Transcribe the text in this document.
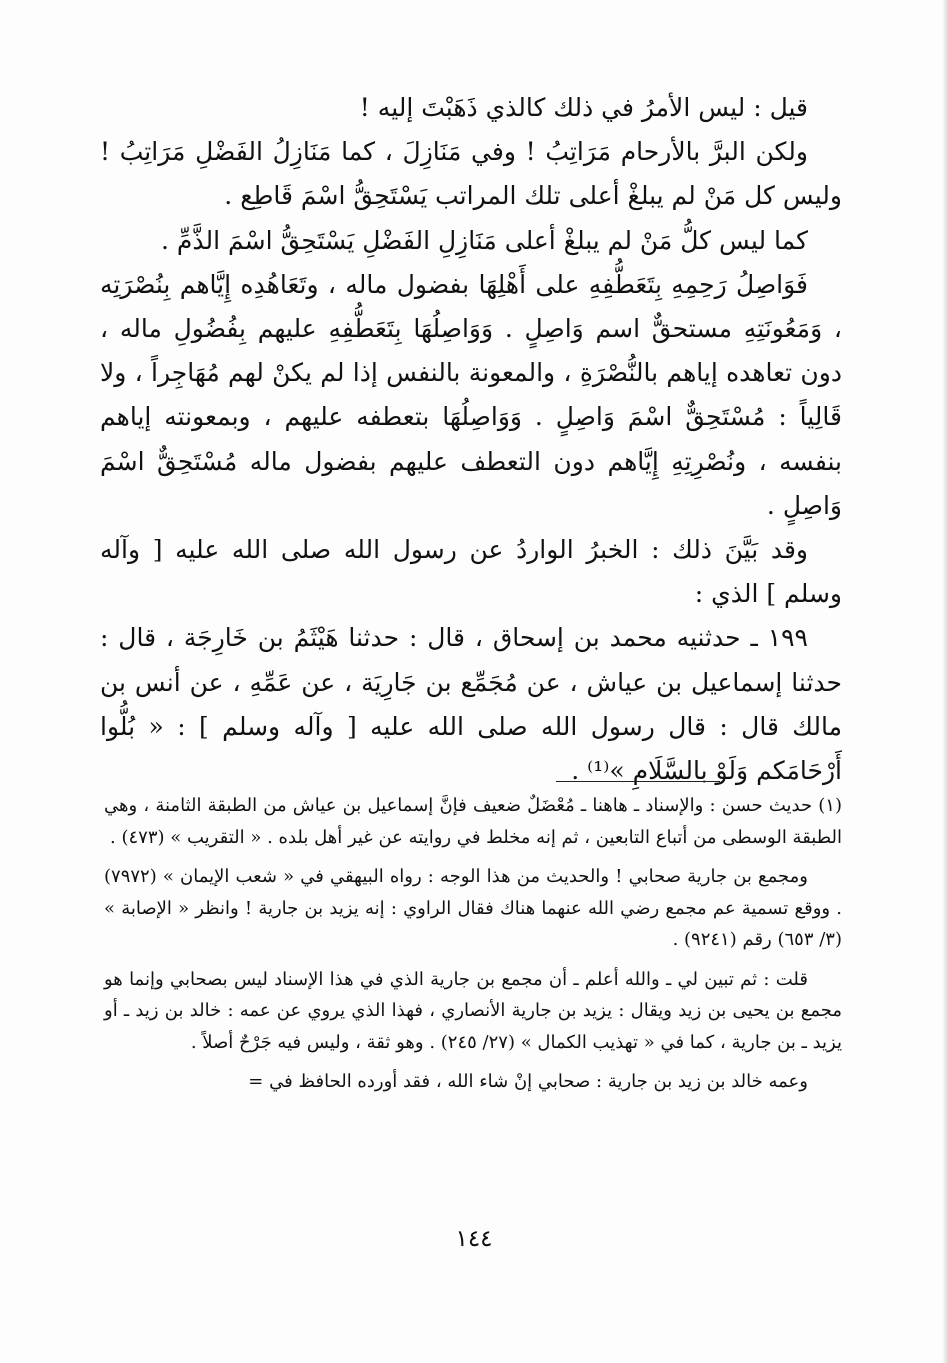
قيل : ليس الأمرُ في ذلك كالذي ذَهَبْتَ إليه !

ولكن البرَّ بالأرحام مَرَاتِبُ ! وفي مَنَازِلَ ، كما مَنَازِلُ الفَضْلِ مَرَاتِبُ ! وليس كل مَنْ لم يبلغْ أعلى تلك المراتب يَسْتَحِقُّ اسْمَ قَاطِع .

كما ليس كلُّ مَنْ لم يبلغْ أعلى مَنَازِلِ الفَضْلِ يَسْتَحِقُّ اسْمَ الذَّمِّ .

فَوَاصِلُ رَحِمِهِ بِتَعَطُّفِهِ على أَهْلِهَا بفضول ماله ، وتَعَاهُدِه إِيَّاهم بِنُصْرَتِه ، وَمَعُونَتِهِ مستحقٌّ اسم وَاصِلٍ . وَوَاصِلُهَا بِتَعَطُّفِهِ عليهم بِفُضُولِ ماله ، دون تعاهده إياهم بالنُّصْرَةِ ، والمعونة بالنفس إذا لم يكنْ لهم مُهَاجِراً ، ولا قَالِياً : مُسْتَحِقٌّ اسْمَ وَاصِلٍ . وَوَاصِلُهَا بتعطفه عليهم ، وبمعونته إياهم بنفسه ، ونُصْرِتِهِ إِيَّاهم دون التعطف عليهم بفضول ماله مُسْتَحِقٌّ اسْمَ وَاصِلٍ .

وقد بَيَّنَ ذلك : الخبرُ الواردُ عن رسول الله صلى الله عليه [ وآله وسلم ] الذي :

١٩٩ ـ حدثنيه محمد بن إسحاق ، قال : حدثنا هَيْثَمُ بن خَارِجَة ، قال : حدثنا إسماعيل بن عياش ، عن مُجَمِّع بن جَارِيَة ، عن عَمِّهِ ، عن أنس بن مالك قال : قال رسول الله صلى الله عليه [ وآله وسلم ] : « بُلُّوا أَرْحَامَكم وَلَوْ بالسَّلَامِ »⁽¹⁾ .

(١) حديث حسن : والإسناد ـ هاهنا ـ مُعْضَلٌ ضعيف فإنَّ إسماعيل بن عياش من الطبقة الثامنة ، وهي الطبقة الوسطى من أتباع التابعين ، ثم إنه مخلط في روايته عن غير أهل بلده . « التقريب » (٤٧٣) .

ومجمع بن جارية صحابي ! والحديث من هذا الوجه : رواه البيهقي في « شعب الإيمان » (٧٩٧٢) . ووقع تسمية عم مجمع رضي الله عنهما هناك فقال الراوي : إنه يزيد بن جارية ! وانظر « الإصابة » (٣/ ٦٥٣) رقم (٩٢٤١) .

قلت : ثم تبين لي ـ والله أعلم ـ أن مجمع بن جارية الذي في هذا الإسناد ليس بصحابي وإنما هو مجمع بن يحيى بن زيد ويقال : يزيد بن جارية الأنصاري ، فهذا الذي يروي عن عمه : خالد بن زيد ـ أو يزيد ـ بن جارية ، كما في « تهذيب الكمال » (٢٧/ ٢٤٥) . وهو ثقة ، وليس فيه جَرْحٌ أصلاً .

وعمه خالد بن زيد بن جارية : صحابي إنْ شاء الله ، فقد أورده الحافظ في =

١٤٤
